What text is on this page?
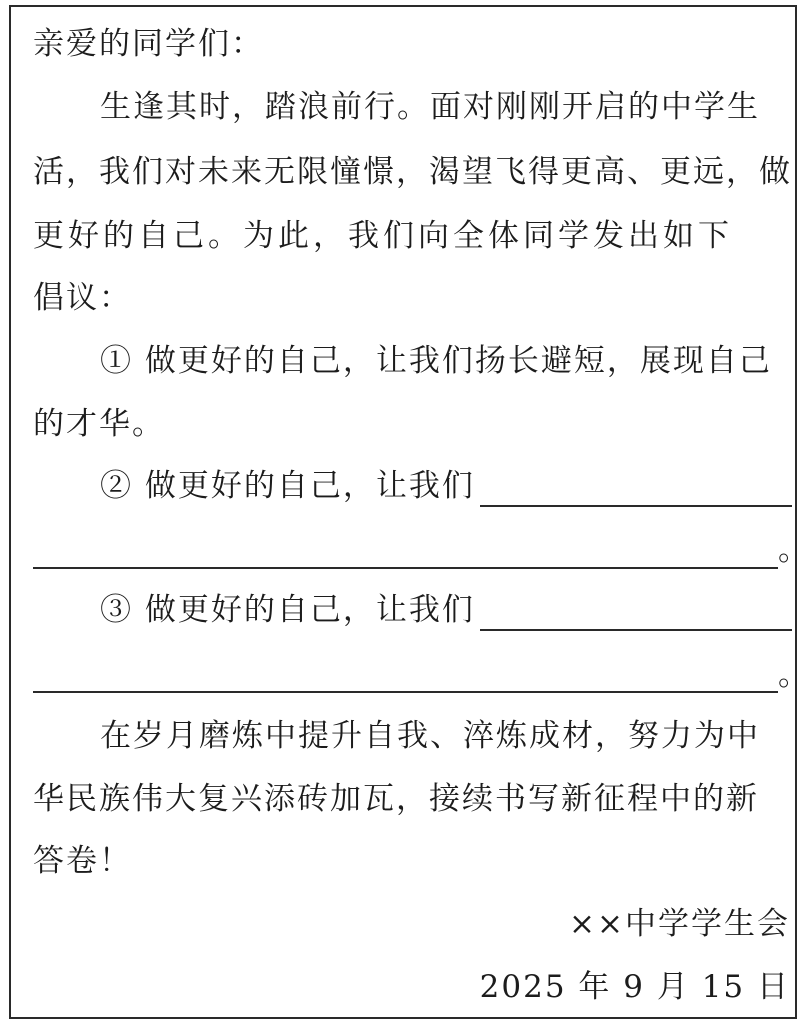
亲爱的同学们：
生逢其时，踏浪前行。面对刚刚开启的中学生
活，我们对未来无限憧憬，渴望飞得更高、更远，做
更好的自己。为此，我们向全体同学发出如下
倡议：
① 做更好的自己，让我们扬长避短，展现自己
的才华。
② 做更好的自己，让我们
。
③ 做更好的自己，让我们
。
在岁月磨炼中提升自我、淬炼成材，努力为中
华民族伟大复兴添砖加瓦，接续书写新征程中的新
答卷！
××中学学生会
2025 年 9 月 15 日
